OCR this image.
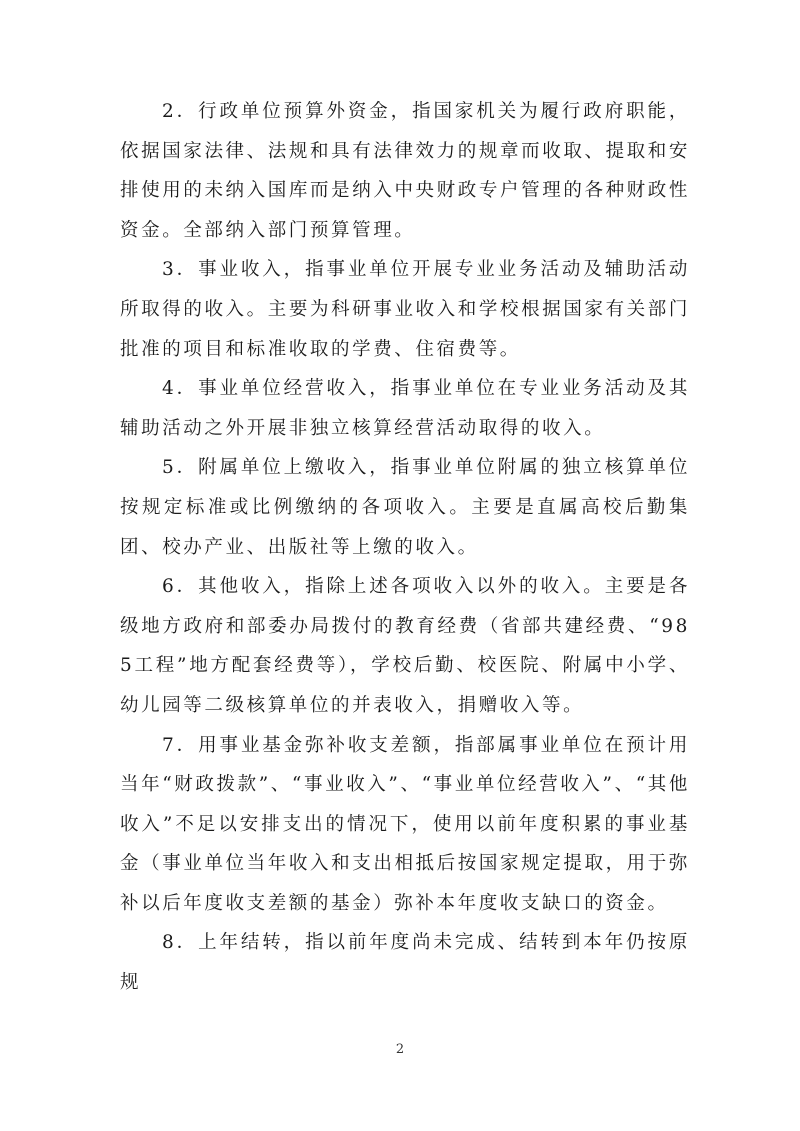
2．行政单位预算外资金，指国家机关为履行政府职能，依据国家法律、法规和具有法律效力的规章而收取、提取和安排使用的未纳入国库而是纳入中央财政专户管理的各种财政性资金。全部纳入部门预算管理。

3．事业收入，指事业单位开展专业业务活动及辅助活动所取得的收入。主要为科研事业收入和学校根据国家有关部门批准的项目和标准收取的学费、住宿费等。

4．事业单位经营收入，指事业单位在专业业务活动及其辅助活动之外开展非独立核算经营活动取得的收入。

5．附属单位上缴收入，指事业单位附属的独立核算单位按规定标准或比例缴纳的各项收入。主要是直属高校后勤集团、校办产业、出版社等上缴的收入。

6．其他收入，指除上述各项收入以外的收入。主要是各级地方政府和部委办局拨付的教育经费（省部共建经费、“985工程”地方配套经费等），学校后勤、校医院、附属中小学、幼儿园等二级核算单位的并表收入，捐赠收入等。

7．用事业基金弥补收支差额，指部属事业单位在预计用当年“财政拨款”、“事业收入”、“事业单位经营收入”、“其他收入”不足以安排支出的情况下，使用以前年度积累的事业基金（事业单位当年收入和支出相抵后按国家规定提取，用于弥补以后年度收支差额的基金）弥补本年度收支缺口的资金。

8．上年结转，指以前年度尚未完成、结转到本年仍按原规

2
